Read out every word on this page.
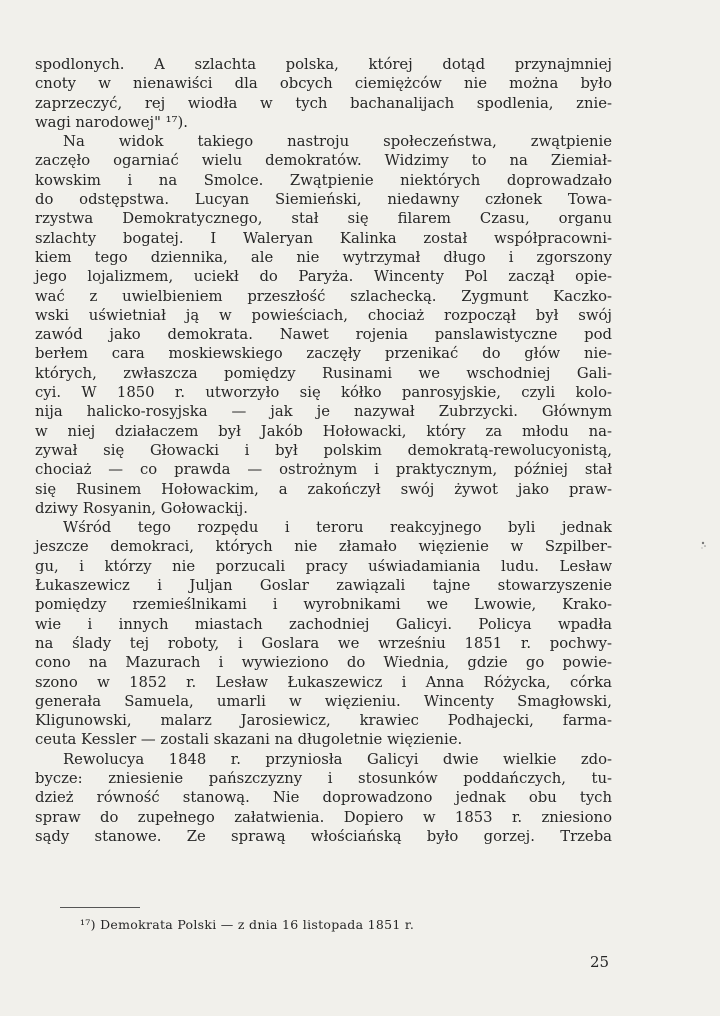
spodlonych. A szlachta polska, której dotąd przynajmniej
cnoty w nienawiści dla obcych ciemiężców nie można było
zaprzeczyć, rej wiodła w tych bachanalijach spodlenia, znie-
wagi narodowej" ¹⁷).
Na widok takiego nastroju społeczeństwa, zwątpienie
zaczęło ogarniać wielu demokratów. Widzimy to na Ziemiał-
kowskim i na Smolce. Zwątpienie niektórych doprowadzało
do odstępstwa. Lucyan Siemieński, niedawny członek Towa-
rzystwa Demokratycznego, stał się filarem Czasu, organu
szlachty bogatej. I Waleryan Kalinka został współpracowni-
kiem tego dziennika, ale nie wytrzymał długo i zgorszony
jego lojalizmem, uciekł do Paryża. Wincenty Pol zaczął opie-
wać z uwielbieniem przeszłość szlachecką. Zygmunt Kaczko-
wski uświetniał ją w powieściach, chociaż rozpoczął był swój
zawód jako demokrata. Nawet rojenia panslawistyczne pod
berłem cara moskiewskiego zaczęły przenikać do głów nie-
których, zwłaszcza pomiędzy Rusinami we wschodniej Gali-
cyi. W 1850 r. utworzyło się kółko panrosyjskie, czyli kolo-
nija halicko-rosyjska — jak je nazywał Zubrzycki. Głównym
w niej działaczem był Jakób Hołowacki, który za młodu na-
zywał się Głowacki i był polskim demokratą-rewolucyonistą,
chociaż — co prawda — ostrożnym i praktycznym, później stał
się Rusinem Hołowackim, a zakończył swój żywot jako praw-
dziwy Rosyanin, Gołowackij.
Wśród tego rozpędu i teroru reakcyjnego byli jednak
jeszcze demokraci, których nie złamało więzienie w Szpilber-
gu, i którzy nie porzucali pracy uświadamiania ludu. Lesław
Łukaszewicz i Juljan Goslar zawiązali tajne stowarzyszenie
pomiędzy rzemieślnikami i wyrobnikami we Lwowie, Krako-
wie i innych miastach zachodniej Galicyi. Policya wpadła
na ślady tej roboty, i Goslara we wrześniu 1851 r. pochwy-
cono na Mazurach i wywieziono do Wiednia, gdzie go powie-
szono w 1852 r. Lesław Łukaszewicz i Anna Różycka, córka
generała Samuela, umarli w więzieniu. Wincenty Smagłowski,
Kligunowski, malarz Jarosiewicz, krawiec Podhajecki, farma-
ceuta Kessler — zostali skazani na długoletnie więzienie.
Rewolucya 1848 r. przyniosła Galicyi dwie wielkie zdo-
bycze: zniesienie pańszczyzny i stosunków poddańczych, tu-
dzież równość stanową. Nie doprowadzono jednak obu tych
spraw do zupełnego załatwienia. Dopiero w 1853 r. zniesiono
sądy stanowe. Ze sprawą włościańską było gorzej. Trzeba
¹⁷) Demokrata Polski — z dnia 16 listopada 1851 r.
25
